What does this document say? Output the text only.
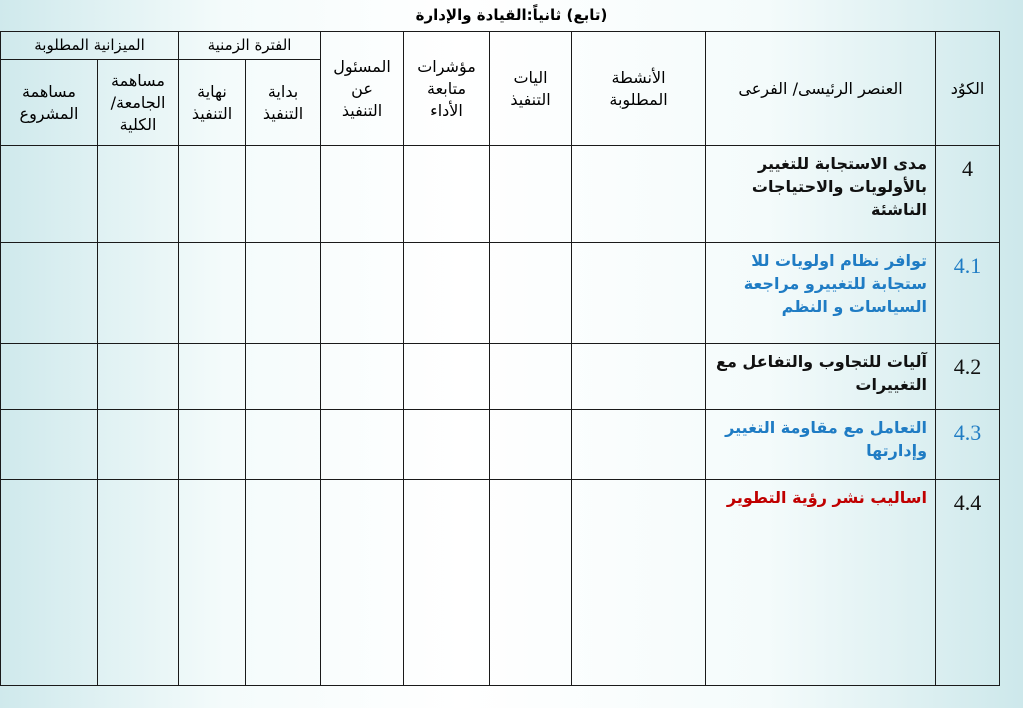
(تابع) ثانياً:القيادة والإدارة
الكوُد	العنصر الرئيسى/ الفرعى	الأنشطة المطلوبة	اليات التنفيذ	مؤشرات متابعة الأداء	المسئول عن التنفيذ	الفترة الزمنية		الميزانية المطلوبة	
						بداية التنفيذ	نهاية التنفيذ	مساهمة الجامعة/ الكلية	مساهمة المشروع
4	مدى الاستجابة للتغيير بالأولويات والاحتياجات الناشئة								
4.1	توافر نظام اولويات للا ستجابة للتغييرو مراجعة السياسات و النظم								
4.2	آليات للتجاوب والتفاعل مع التغييرات								
4.3	التعامل مع مقاومة التغيير وإدارتها								
4.4	اساليب نشر رؤية التطوير								
